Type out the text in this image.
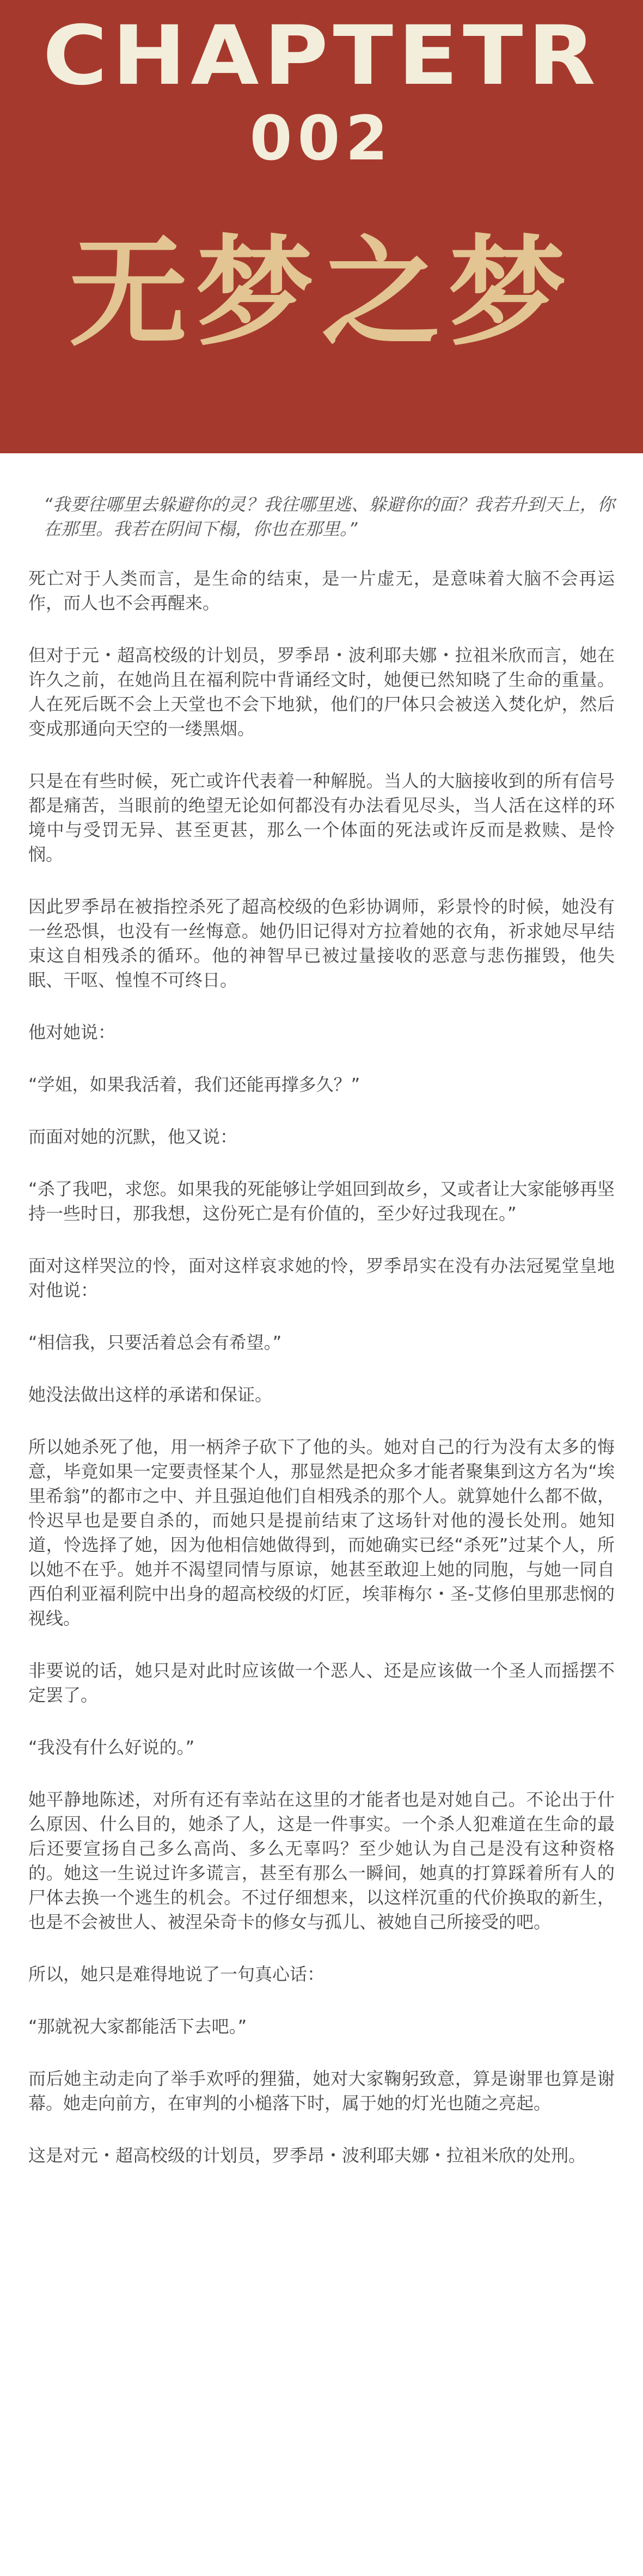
CHAPTETR
002
无梦之梦

“我要往哪里去躲避你的灵？我往哪里逃、躲避你的面？我若升到天上，你在那里。我若在阴间下榻，你也在那里。”

死亡对于人类而言，是生命的结束，是一片虚无，是意味着大脑不会再运作，而人也不会再醒来。

但对于元・超高校级的计划员，罗季昂・波利耶夫娜・拉祖米欣而言，她在许久之前，在她尚且在福利院中背诵经文时，她便已然知晓了生命的重量。人在死后既不会上天堂也不会下地狱，他们的尸体只会被送入焚化炉，然后变成那通向天空的一缕黑烟。

只是在有些时候，死亡或许代表着一种解脱。当人的大脑接收到的所有信号都是痛苦，当眼前的绝望无论如何都没有办法看见尽头，当人活在这样的环境中与受罚无异、甚至更甚，那么一个体面的死法或许反而是救赎、是怜悯。

因此罗季昂在被指控杀死了超高校级的色彩协调师，彩景怜的时候，她没有一丝恐惧，也没有一丝悔意。她仍旧记得对方拉着她的衣角，祈求她尽早结束这自相残杀的循环。他的神智早已被过量接收的恶意与悲伤摧毁，他失眠、干呕、惶惶不可终日。

他对她说：

“学姐，如果我活着，我们还能再撑多久？”

而面对她的沉默，他又说：

“杀了我吧，求您。如果我的死能够让学姐回到故乡，又或者让大家能够再坚持一些时日，那我想，这份死亡是有价值的，至少好过我现在。”

面对这样哭泣的怜，面对这样哀求她的怜，罗季昂实在没有办法冠冕堂皇地对他说：

“相信我，只要活着总会有希望。”

她没法做出这样的承诺和保证。

所以她杀死了他，用一柄斧子砍下了他的头。她对自己的行为没有太多的悔意，毕竟如果一定要责怪某个人，那显然是把众多才能者聚集到这方名为“埃里希翁”的都市之中、并且强迫他们自相残杀的那个人。就算她什么都不做，怜迟早也是要自杀的，而她只是提前结束了这场针对他的漫长处刑。她知道，怜选择了她，因为他相信她做得到，而她确实已经“杀死”过某个人，所以她不在乎。她并不渴望同情与原谅，她甚至敢迎上她的同胞，与她一同自西伯利亚福利院中出身的超高校级的灯匠，埃菲梅尔・圣-艾修伯里那悲悯的视线。

非要说的话，她只是对此时应该做一个恶人、还是应该做一个圣人而摇摆不定罢了。

“我没有什么好说的。”

她平静地陈述，对所有还有幸站在这里的才能者也是对她自己。不论出于什么原因、什么目的，她杀了人，这是一件事实。一个杀人犯难道在生命的最后还要宣扬自己多么高尚、多么无辜吗？至少她认为自己是没有这种资格的。她这一生说过许多谎言，甚至有那么一瞬间，她真的打算踩着所有人的尸体去换一个逃生的机会。不过仔细想来，以这样沉重的代价换取的新生，也是不会被世人、被涅朵奇卡的修女与孤儿、被她自己所接受的吧。

所以，她只是难得地说了一句真心话：

“那就祝大家都能活下去吧。”

而后她主动走向了举手欢呼的狸猫，她对大家鞠躬致意，算是谢罪也算是谢幕。她走向前方，在审判的小槌落下时，属于她的灯光也随之亮起。

这是对元・超高校级的计划员，罗季昂・波利耶夫娜・拉祖米欣的处刑。
